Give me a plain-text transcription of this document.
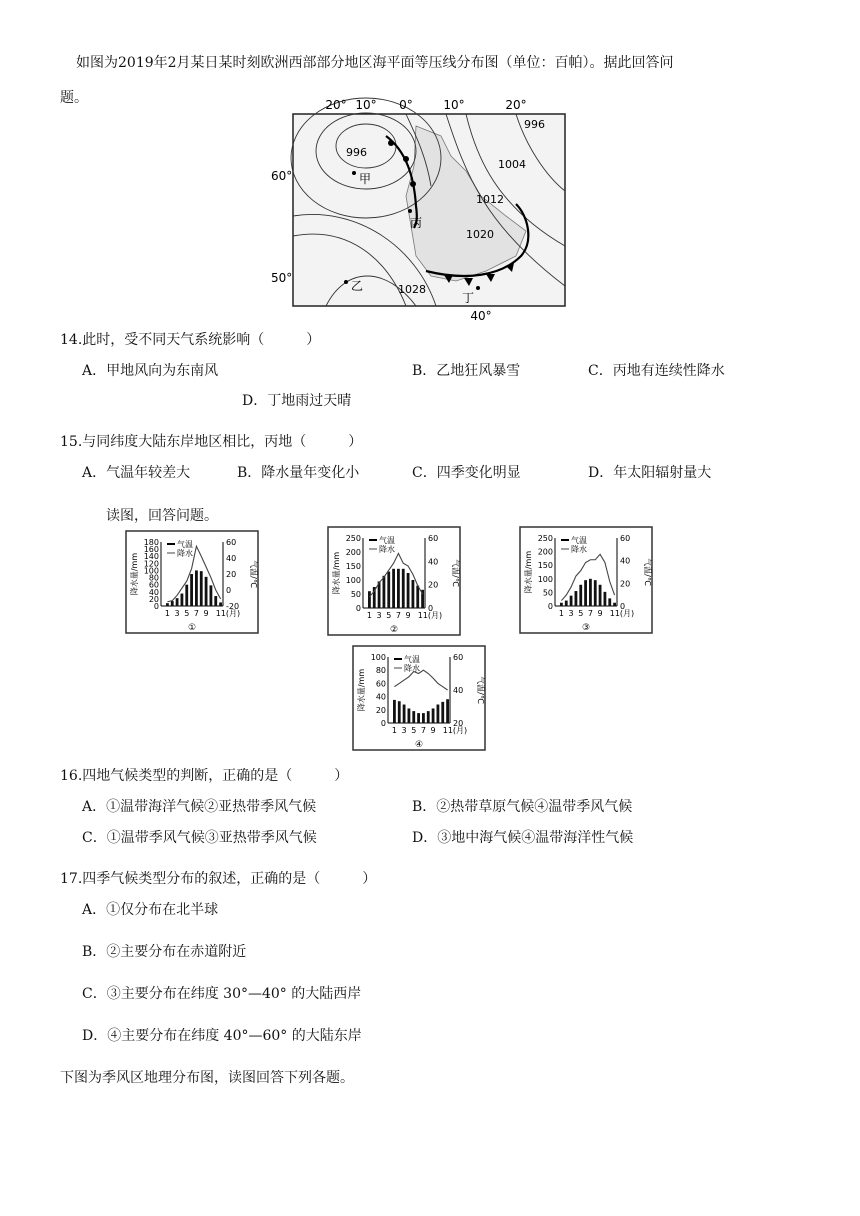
如图为2019年2月某日某时刻欧洲西部部分地区海平面等压线分布图（单位：百帕）。据此回答问
题。	20° 10° 0°	10°	20°
40°
60°
50°
996
996
1004
1012
1020
1028
甲
乙
丙
丁
14.此时，受不同天气系统影响（　　　）
A．甲地风向为东南风	B．乙地狂风暴雪	C．丙地有连续性降水
D．丁地雨过天晴
15.与同纬度大陆东岸地区相比，丙地（　　　）
A．气温年较差大	B．降水量年变化小	C．四季变化明显	D．年太阳辐射量大
读图，回答问题。
180
160
140
120
100
80
60
40
20
0
60
40
20
0
-20
降水量/mm	气温/℃
气温
降水
1 3 5 7 9 11(月)
①
250
200
150
100
50
0
60
40
20
0
降水量/mm	气温/℃
气温
降水
1 3 5 7 9 11(月)
②
250
200
150
100
50
0
60
40
20
0
降水量/mm	气温/℃
气温
降水
1 3 5 7 9 11(月)
③
100
80
60
40
20
0
60
40
20
降水量/mm	气温/℃
气温
降水
1 3 5 7 9 11(月)
④
16.四地气候类型的判断，正确的是（　　　）
A．①温带海洋气候②亚热带季风气候	B．②热带草原气候④温带季风气候
C．①温带季风气候③亚热带季风气候	D．③地中海气候④温带海洋性气候
17.四季气候类型分布的叙述，正确的是（　　　）
A．①仅分布在北半球
B．②主要分布在赤道附近
C．③主要分布在纬度 30°—40° 的大陆西岸
D．④主要分布在纬度 40°—60° 的大陆东岸
下图为季风区地理分布图，读图回答下列各题。
